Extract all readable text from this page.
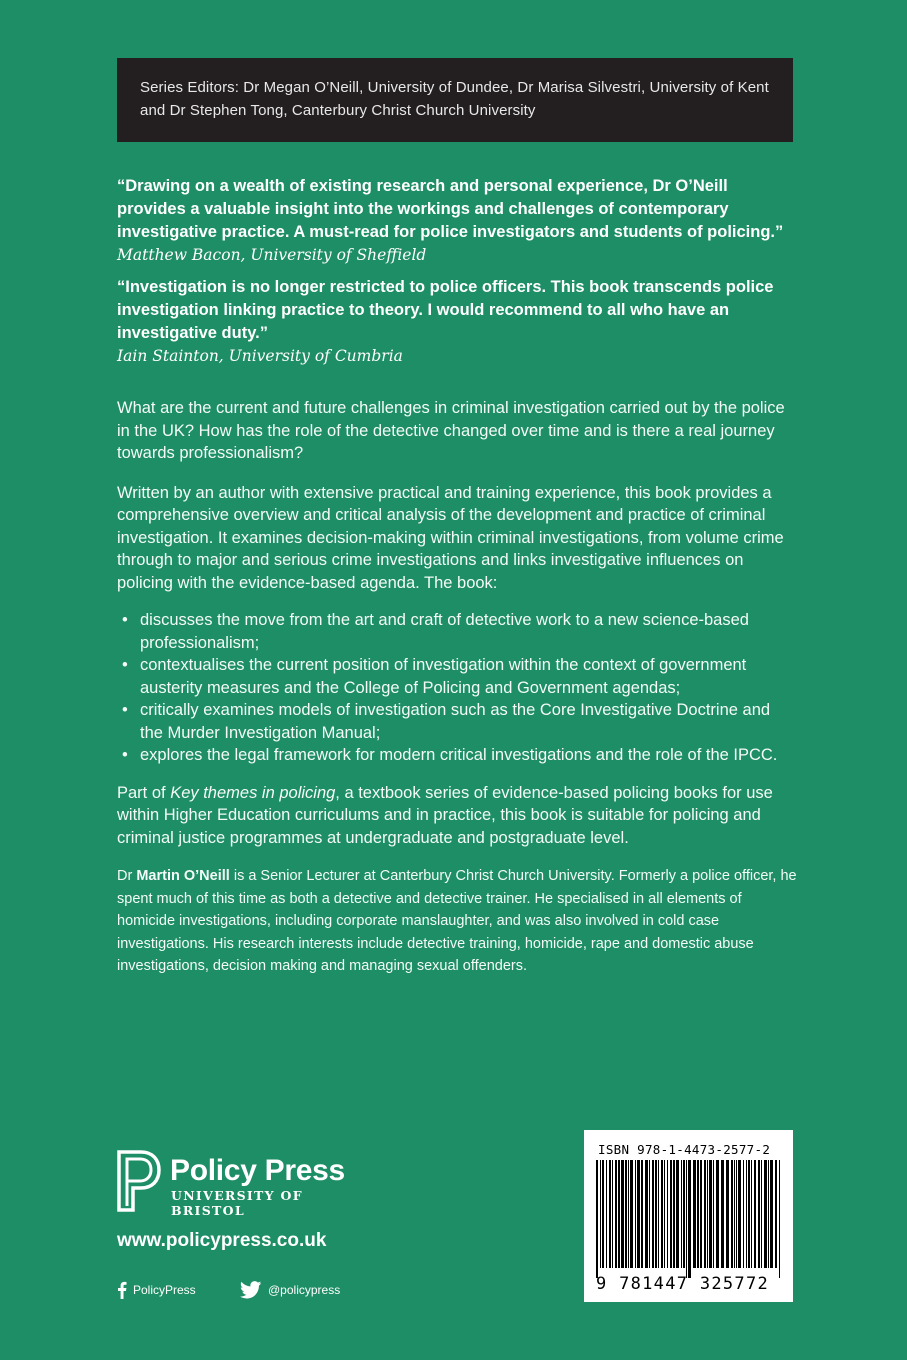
Series Editors: Dr Megan O’Neill, University of Dundee, Dr Marisa Silvestri, University of Kent and Dr Stephen Tong, Canterbury Christ Church University

“Drawing on a wealth of existing research and personal experience, Dr O’Neill provides a valuable insight into the workings and challenges of contemporary investigative practice. A must-read for police investigators and students of policing.”

Matthew Bacon, University of Sheffield

“Investigation is no longer restricted to police officers. This book transcends police investigation linking practice to theory. I would recommend to all who have an investigative duty.”

Iain Stainton, University of Cumbria

What are the current and future challenges in criminal investigation carried out by the police in the UK? How has the role of the detective changed over time and is there a real journey towards professionalism?

Written by an author with extensive practical and training experience, this book provides a comprehensive overview and critical analysis of the development and practice of criminal investigation. It examines decision-making within criminal investigations, from volume crime through to major and serious crime investigations and links investigative influences on policing with the evidence-based agenda. The book:

• discusses the move from the art and craft of detective work to a new science-based professionalism;
• contextualises the current position of investigation within the context of government austerity measures and the College of Policing and Government agendas;
• critically examines models of investigation such as the Core Investigative Doctrine and the Murder Investigation Manual;
• explores the legal framework for modern critical investigations and the role of the IPCC.

Part of Key themes in policing, a textbook series of evidence-based policing books for use within Higher Education curriculums and in practice, this book is suitable for policing and criminal justice programmes at undergraduate and postgraduate level.

Dr Martin O’Neill is a Senior Lecturer at Canterbury Christ Church University. Formerly a police officer, he spent much of this time as both a detective and detective trainer. He specialised in all elements of homicide investigations, including corporate manslaughter, and was also involved in cold case investigations. His research interests include detective training, homicide, rape and domestic abuse investigations, decision making and managing sexual offenders.

Policy Press
UNIVERSITY OF BRISTOL
www.policypress.co.uk
PolicyPress	@policypress
ISBN 978-1-4473-2577-2
9 781447 325772
